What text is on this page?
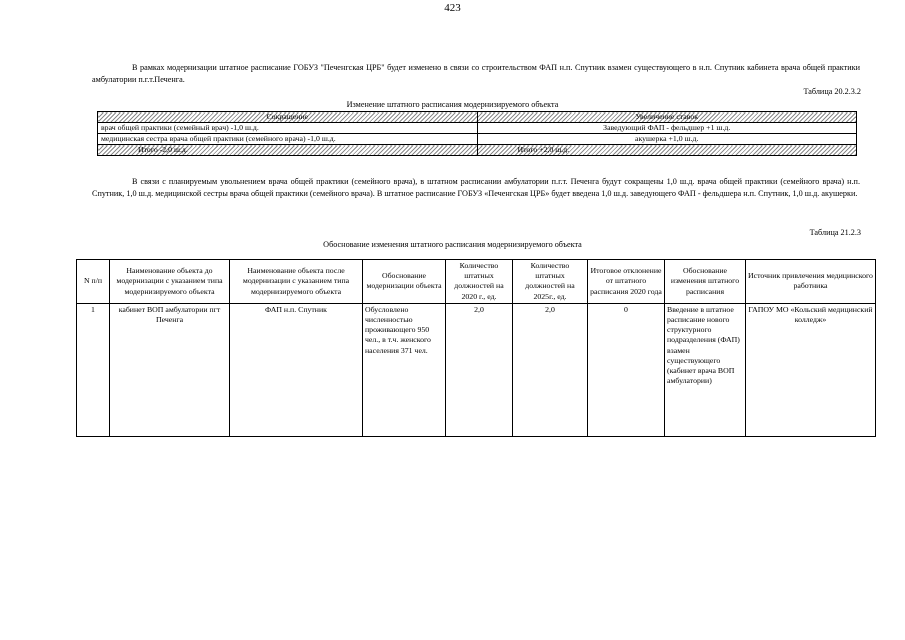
423

В рамках модернизации штатное расписание ГОБУЗ "Печенгская ЦРБ" будет изменено в связи со строительством ФАП н.п. Спутник взамен существующего в н.п. Спутник кабинета врача общей практики амбулатории п.г.т.Печенга.

Таблица 20.2.3.2
Изменение штатного расписания модернизируемого объекта
Сокращение	Увеличение ставок
врач общей практики (семейный врач) -1,0 ш.д.	Заведующий ФАП - фельдшер +1 ш.д.
медицинская сестра врача общей практики (семейного врача) -1,0 ш.д.	акушерка +1,0 ш.д.
Итого -2,0 ш.д.	Итого +2,0 ш.д.

В связи с планируемым увольнением врача общей практики (семейного врача), в штатном расписании амбулатории п.г.т. Печенга будут сокращены 1,0 ш.д. врача общей практики (семейного врача) н.п. Спутник, 1,0 ш.д. медицинской сестры врача общей практики (семейного врача). В штатное расписание ГОБУЗ «Печенгская ЦРБ» будет введена 1,0 ш.д. заведующего ФАП - фельдшера н.п. Спутник, 1,0 ш.д. акушерки.

Таблица 21.2.3
Обоснование изменения штатного расписания модернизируемого объекта
N п/п	Наименование объекта до модернизации с указанием типа модернизируемого объекта	Наименование объекта после модернизации с указанием типа модернизируемого объекта	Обоснование модернизации объекта	Количество штатных должностей на 2020 г., ед.	Количество штатных должностей на 2025г., ед.	Итоговое отклонение от штатного расписания 2020 года	Обоснование изменения штатного расписания	Источник привлечения медицинского работника
1	кабинет ВОП амбулатории пгт Печенга	ФАП н.п. Спутник	Обусловлено численностью проживающего 950 чел., в т.ч. женского населения 371 чел.	2,0	2,0	0	Введение в штатное расписание нового структурного подразделения (ФАП) взамен существующего (кабинет врача ВОП амбулатории)	ГАПОУ МО «Кольский медицинский колледж»
